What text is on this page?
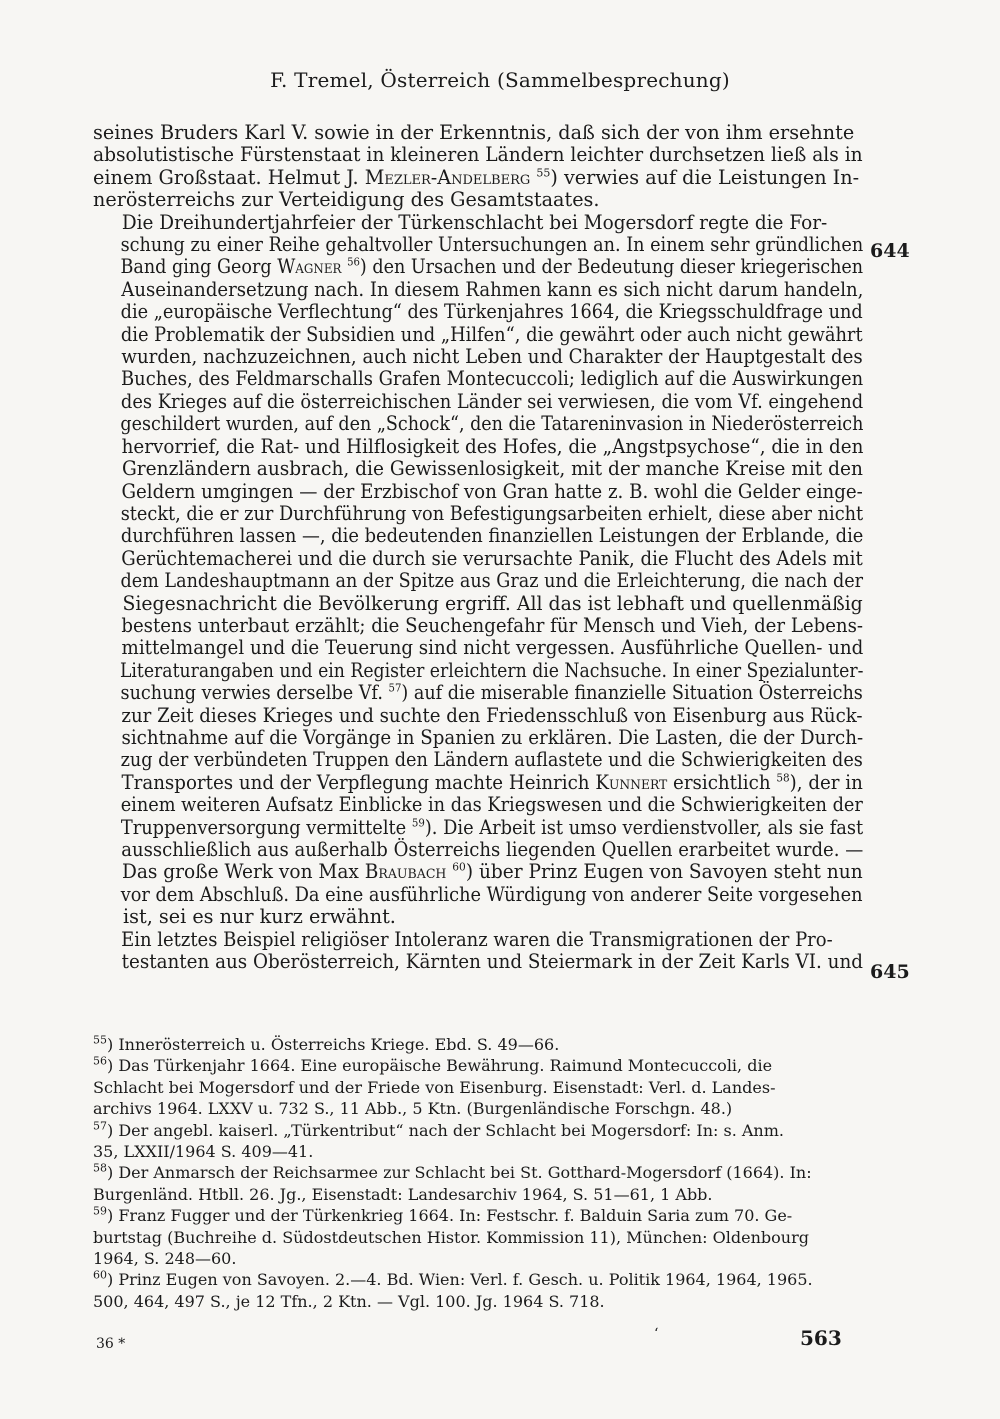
F. Tremel, Österreich (Sammelbesprechung)
644
645

seines Bruders Karl V. sowie in der Erkenntnis, daß sich der von ihm ersehnte
absolutistische Fürstenstaat in kleineren Ländern leichter durchsetzen ließ als in
einem Großstaat. Helmut J. Mezler-Andelberg $^{55}$) verwies auf die Leistungen In-
nerösterreichs zur Verteidigung des Gesamtstaates.

Die Dreihundertjahrfeier der Türkenschlacht bei Mogersdorf regte die For-
schung zu einer Reihe gehaltvoller Untersuchungen an. In einem sehr gründlichen
Band ging Georg Wagner $^{56}$) den Ursachen und der Bedeutung dieser kriegerischen
Auseinandersetzung nach. In diesem Rahmen kann es sich nicht darum handeln,
die „europäische Verflechtung“ des Türkenjahres 1664, die Kriegsschuldfrage und
die Problematik der Subsidien und „Hilfen“, die gewährt oder auch nicht gewährt
wurden, nachzuzeichnen, auch nicht Leben und Charakter der Hauptgestalt des
Buches, des Feldmarschalls Grafen Montecuccoli; lediglich auf die Auswirkungen
des Krieges auf die österreichischen Länder sei verwiesen, die vom Vf. eingehend
geschildert wurden, auf den „Schock“, den die Tatareninvasion in Niederösterreich
hervorrief, die Rat- und Hilflosigkeit des Hofes, die „Angstpsychose“, die in den
Grenzländern ausbrach, die Gewissenlosigkeit, mit der manche Kreise mit den
Geldern umgingen — der Erzbischof von Gran hatte z. B. wohl die Gelder einge-
steckt, die er zur Durchführung von Befestigungsarbeiten erhielt, diese aber nicht
durchführen lassen —, die bedeutenden finanziellen Leistungen der Erblande, die
Gerüchtemacherei und die durch sie verursachte Panik, die Flucht des Adels mit
dem Landeshauptmann an der Spitze aus Graz und die Erleichterung, die nach der
Siegesnachricht die Bevölkerung ergriff. All das ist lebhaft und quellenmäßig
bestens unterbaut erzählt; die Seuchengefahr für Mensch und Vieh, der Lebens-
mittelmangel und die Teuerung sind nicht vergessen. Ausführliche Quellen- und
Literaturangaben und ein Register erleichtern die Nachsuche. In einer Spezialunter-
suchung verwies derselbe Vf. $^{57}$) auf die miserable finanzielle Situation Österreichs
zur Zeit dieses Krieges und suchte den Friedensschluß von Eisenburg aus Rück-
sichtnahme auf die Vorgänge in Spanien zu erklären. Die Lasten, die der Durch-
zug der verbündeten Truppen den Ländern auflastete und die Schwierigkeiten des
Transportes und der Verpflegung machte Heinrich Kunnert ersichtlich $^{58}$), der in
einem weiteren Aufsatz Einblicke in das Kriegswesen und die Schwierigkeiten der
Truppenversorgung vermittelte $^{59}$). Die Arbeit ist umso verdienstvoller, als sie fast
ausschließlich aus außerhalb Österreichs liegenden Quellen erarbeitet wurde. —
Das große Werk von Max Braubach $^{60}$) über Prinz Eugen von Savoyen steht nun
vor dem Abschluß. Da eine ausführliche Würdigung von anderer Seite vorgesehen
ist, sei es nur kurz erwähnt.

Ein letztes Beispiel religiöser Intoleranz waren die Transmigrationen der Pro-
testanten aus Oberösterreich, Kärnten und Steiermark in der Zeit Karls VI. und

$^{55}$) Innerösterreich u. Österreichs Kriege. Ebd. S. 49—66.
$^{56}$) Das Türkenjahr 1664. Eine europäische Bewährung. Raimund Montecuccoli, die
Schlacht bei Mogersdorf und der Friede von Eisenburg. Eisenstadt: Verl. d. Landes-
archivs 1964. LXXV u. 732 S., 11 Abb., 5 Ktn. (Burgenländische Forschgn. 48.)
$^{57}$) Der angebl. kaiserl. „Türkentribut“ nach der Schlacht bei Mogersdorf: In: s. Anm.
35, LXXII/1964 S. 409—41.
$^{58}$) Der Anmarsch der Reichsarmee zur Schlacht bei St. Gotthard-Mogersdorf (1664). In:
Burgenländ. Htbll. 26. Jg., Eisenstadt: Landesarchiv 1964, S. 51—61, 1 Abb.
$^{59}$) Franz Fugger und der Türkenkrieg 1664. In: Festschr. f. Balduin Saria zum 70. Ge-
burtstag (Buchreihe d. Südostdeutschen Histor. Kommission 11), München: Oldenbourg
1964, S. 248—60.
$^{60}$) Prinz Eugen von Savoyen. 2.—4. Bd. Wien: Verl. f. Gesch. u. Politik 1964, 1964, 1965.
500, 464, 497 S., je 12 Tfn., 2 Ktn. — Vgl. 100. Jg. 1964 S. 718.
36 *
‘	563
